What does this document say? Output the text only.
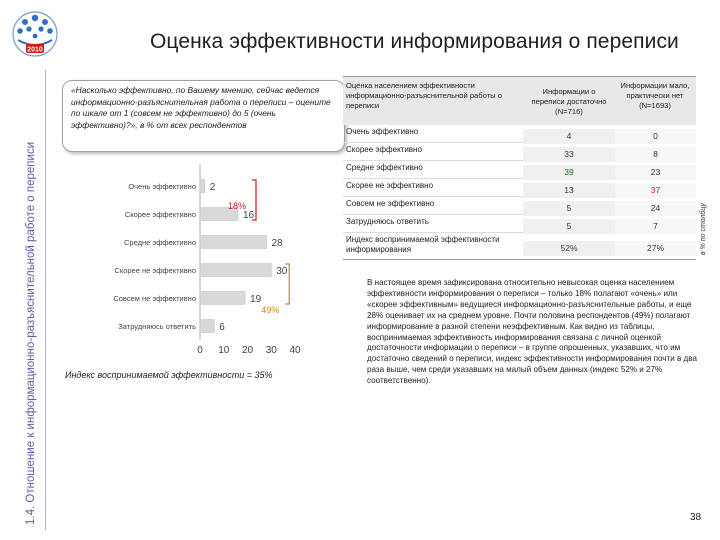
2010	Оценка эффективности информирования о переписи
1.4. Отношение к информационно-разъяснительной работе о переписи
«Насколько эффективно, по Вашему мнению, сейчас ведется информационно-разъяснительная работа о переписи – оцените по шкале от 1 (совсем не эффективно) до 5 (очень эффективно)?», в % от всех респондентов
Очень эффективно 2
Скорее эффективно	16
Средне эффективно	28
Скорее не эффективно	30
Совсем не эффективно	19
Затрудняюсь ответить 6
0 10 20 30 40
18%
49%
Индекс воспринимаемой эффективности = 35%
Оценка населением эффективности информационно-разъяснительной работы о переписи
Информации о переписи достаточно (N=716)
Информации мало, практически нет (N=1693)
Очень эффективно	4	0
Скорее эффективно	33	8
Средне эффективно	39	23
Скорее не эффективно	13	37
Совсем не эффективно	5	24
Затрудняюсь ответить	5	7
Индекс воспринимаемой эффективности информирования	52%	27%	в % по столбцу
В настоящее время зафиксирована относительно невысокая оценка населением эффективности информирования о переписи – только 18% полагают «очень» или «скорее эффективным» ведущиеся информационно-разъяснительные работы, и еще 28% оценивает их на среднем уровне. Почти половина респондентов (49%) полагают информирование в разной степени неэффективным. Как видно из таблицы, воспринимаемая эффективность информирования связана с личной оценкой достаточности информации о переписи – в группе опрошенных, указавших, что им достаточно сведений о переписи, индекс эффективности информирования почти в два раза выше, чем среди указавших на малый объем данных (индекс 52% и 27% соответственно).
38
